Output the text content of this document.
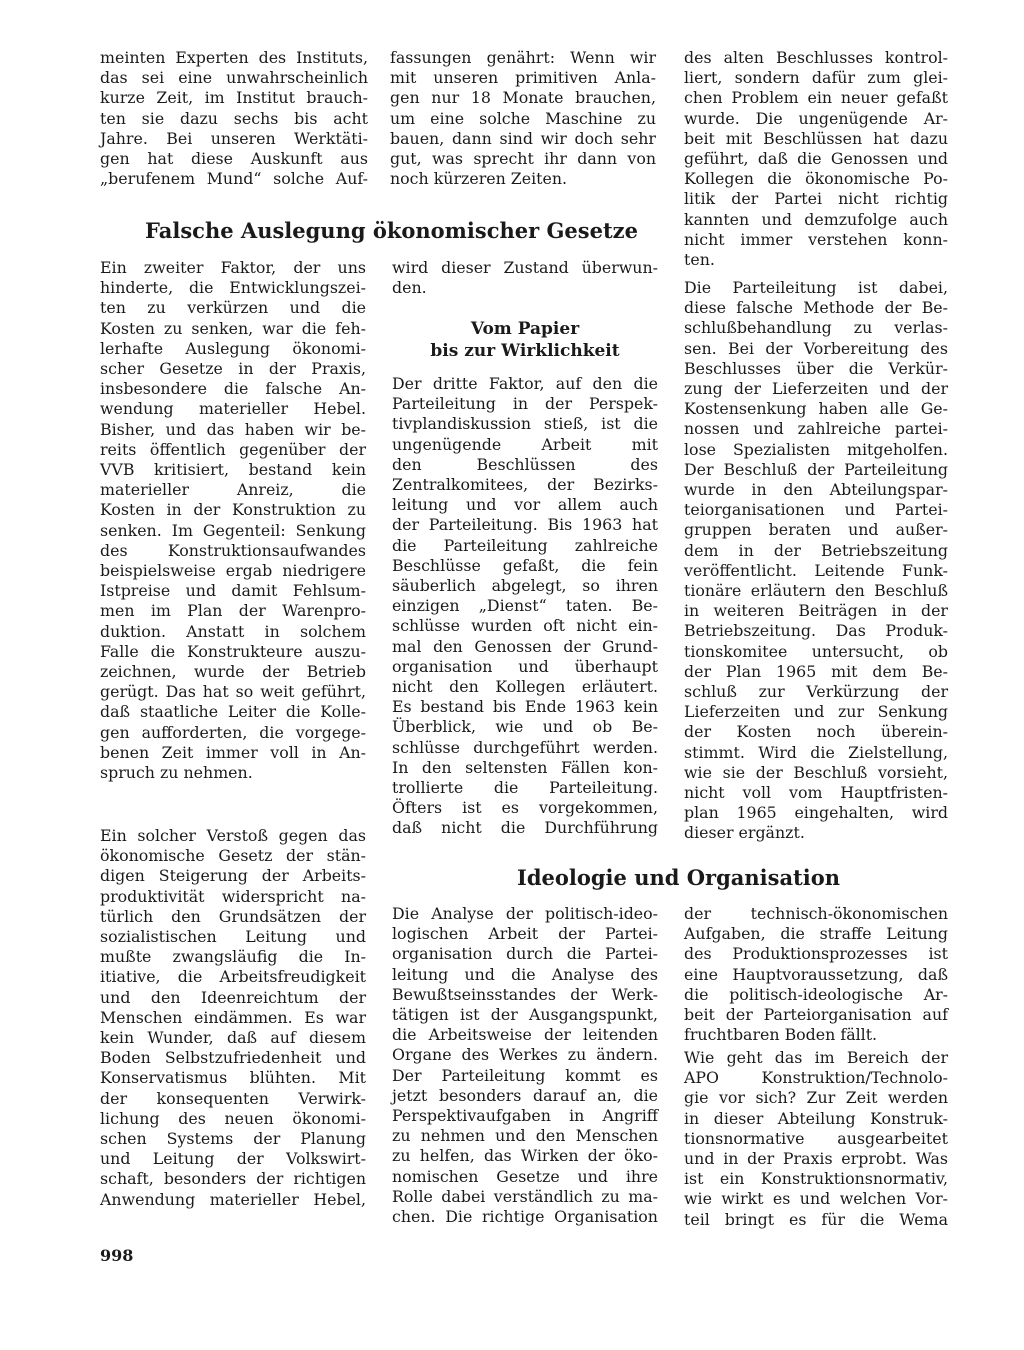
meinten Experten des Instituts,
das sei eine unwahrscheinlich
kurze Zeit, im Institut brauch-
ten sie dazu sechs bis acht
Jahre. Bei unseren Werktäti-
gen hat diese Auskunft aus
„berufenem Mund“ solche Auf-
fassungen genährt: Wenn wir
mit unseren primitiven Anla-
gen nur 18 Monate brauchen,
um eine solche Maschine zu
bauen, dann sind wir doch sehr
gut, was sprecht ihr dann von
noch kürzeren Zeiten.
des alten Beschlusses kontrol-
liert, sondern dafür zum glei-
chen Problem ein neuer gefaßt
wurde. Die ungenügende Ar-
beit mit Beschlüssen hat dazu
geführt, daß die Genossen und
Kollegen die ökonomische Po-
litik der Partei nicht richtig
kannten und demzufolge auch
nicht immer verstehen konn-
ten.
Falsche Auslegung ökonomischer Gesetze
Ein zweiter Faktor, der uns
hinderte, die Entwicklungszei-
ten zu verkürzen und die
Kosten zu senken, war die feh-
lerhafte Auslegung ökonomi-
scher Gesetze in der Praxis,
insbesondere die falsche An-
wendung materieller Hebel.
Bisher, und das haben wir be-
reits öffentlich gegenüber der
VVB kritisiert, bestand kein
materieller Anreiz, die
Kosten in der Konstruktion zu
senken. Im Gegenteil: Senkung
des Konstruktionsaufwandes
beispielsweise ergab niedrigere
Istpreise und damit Fehlsum-
men im Plan der Warenpro-
duktion. Anstatt in solchem
Falle die Konstrukteure auszu-
zeichnen, wurde der Betrieb
gerügt. Das hat so weit geführt,
daß staatliche Leiter die Kolle-
gen aufforderten, die vorgege-
benen Zeit immer voll in An-
spruch zu nehmen.
Ein solcher Verstoß gegen das
ökonomische Gesetz der stän-
digen Steigerung der Arbeits-
produktivität widerspricht na-
türlich den Grundsätzen der
sozialistischen Leitung und
mußte zwangsläufig die In-
itiative, die Arbeitsfreudigkeit
und den Ideenreichtum der
Menschen eindämmen. Es war
kein Wunder, daß auf diesem
Boden Selbstzufriedenheit und
Konservatismus blühten. Mit
der konsequenten Verwirk-
lichung des neuen ökonomi-
schen Systems der Planung
und Leitung der Volkswirt-
schaft, besonders der richtigen
Anwendung materieller Hebel,
wird dieser Zustand überwun-
den.
Vom Papier
bis zur Wirklichkeit
Der dritte Faktor, auf den die
Parteileitung in der Perspek-
tivplandiskussion stieß, ist die
ungenügende Arbeit mit
den Beschlüssen des
Zentralkomitees, der Bezirks-
leitung und vor allem auch
der Parteileitung. Bis 1963 hat
die Parteileitung zahlreiche
Beschlüsse gefaßt, die fein
säuberlich abgelegt, so ihren
einzigen „Dienst“ taten. Be-
schlüsse wurden oft nicht ein-
mal den Genossen der Grund-
organisation und überhaupt
nicht den Kollegen erläutert.
Es bestand bis Ende 1963 kein
Überblick, wie und ob Be-
schlüsse durchgeführt werden.
In den seltensten Fällen kon-
trollierte die Parteileitung.
Öfters ist es vorgekommen,
daß nicht die Durchführung
Die Parteileitung ist dabei,
diese falsche Methode der Be-
schlußbehandlung zu verlas-
sen. Bei der Vorbereitung des
Beschlusses über die Verkür-
zung der Lieferzeiten und der
Kostensenkung haben alle Ge-
nossen und zahlreiche partei-
lose Spezialisten mitgeholfen.
Der Beschluß der Parteileitung
wurde in den Abteilungspar-
teiorganisationen und Partei-
gruppen beraten und außer-
dem in der Betriebszeitung
veröffentlicht. Leitende Funk-
tionäre erläutern den Beschluß
in weiteren Beiträgen in der
Betriebszeitung. Das Produk-
tionskomitee untersucht, ob
der Plan 1965 mit dem Be-
schluß zur Verkürzung der
Lieferzeiten und zur Senkung
der Kosten noch überein-
stimmt. Wird die Zielstellung,
wie sie der Beschluß vorsieht,
nicht voll vom Hauptfristen-
plan 1965 eingehalten, wird
dieser ergänzt.
Ideologie und Organisation
Die Analyse der politisch-ideo-
logischen Arbeit der Partei-
organisation durch die Partei-
leitung und die Analyse des
Bewußtseinsstandes der Werk-
tätigen ist der Ausgangspunkt,
die Arbeitsweise der leitenden
Organe des Werkes zu ändern.
Der Parteileitung kommt es
jetzt besonders darauf an, die
Perspektivaufgaben in Angriff
zu nehmen und den Menschen
zu helfen, das Wirken der öko-
nomischen Gesetze und ihre
Rolle dabei verständlich zu ma-
chen. Die richtige Organisation
der technisch-ökonomischen
Aufgaben, die straffe Leitung
des Produktionsprozesses ist
eine Hauptvoraussetzung, daß
die politisch-ideologische Ar-
beit der Parteiorganisation auf
fruchtbaren Boden fällt.
Wie geht das im Bereich der
APO Konstruktion/Technolo-
gie vor sich? Zur Zeit werden
in dieser Abteilung Konstruk-
tionsnormative ausgearbeitet
und in der Praxis erprobt. Was
ist ein Konstruktionsnormativ,
wie wirkt es und welchen Vor-
teil bringt es für die Wema
998
